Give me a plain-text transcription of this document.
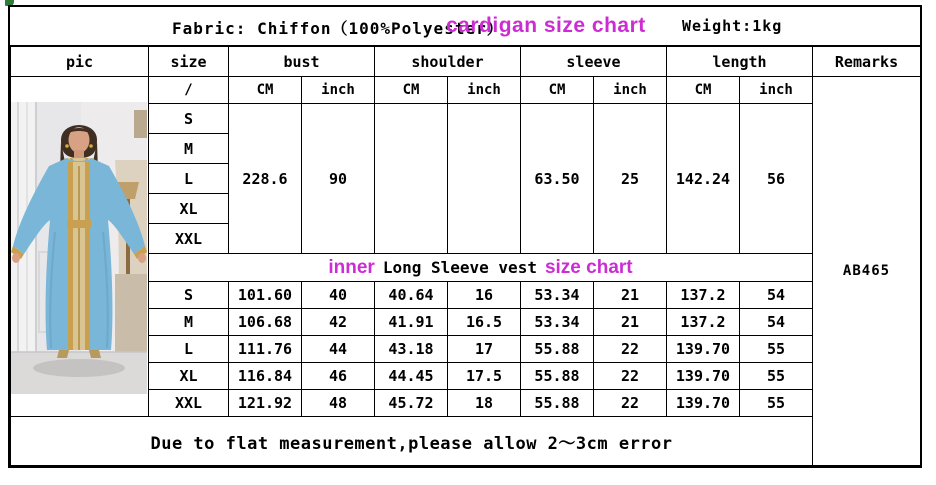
Fabric: Chiffon（100%Polyester）
cardigan size chart Weight:1kg
pic	size	bust		shoulder		sleeve		length		Remarks

	/	CM	inch	CM	inch	CM	inch	CM	inch	AB465
	S	228.6	90			63.50	25	142.24	56	
	M									
	L									
	XL									
	XXL									
	inner Long Sleeve vest size chart									
	S	101.60	40	40.64	16	53.34	21	137.2	54	
	M	106.68	42	41.91	16.5	53.34	21	137.2	54	
	L	111.76	44	43.18	17	55.88	22	139.70	55	
	XL	116.84	46	44.45	17.5	55.88	22	139.70	55	
	XXL	121.92	48	45.72	18	55.88	22	139.70	55	
Due to flat measurement,please allow 2～3cm error										
